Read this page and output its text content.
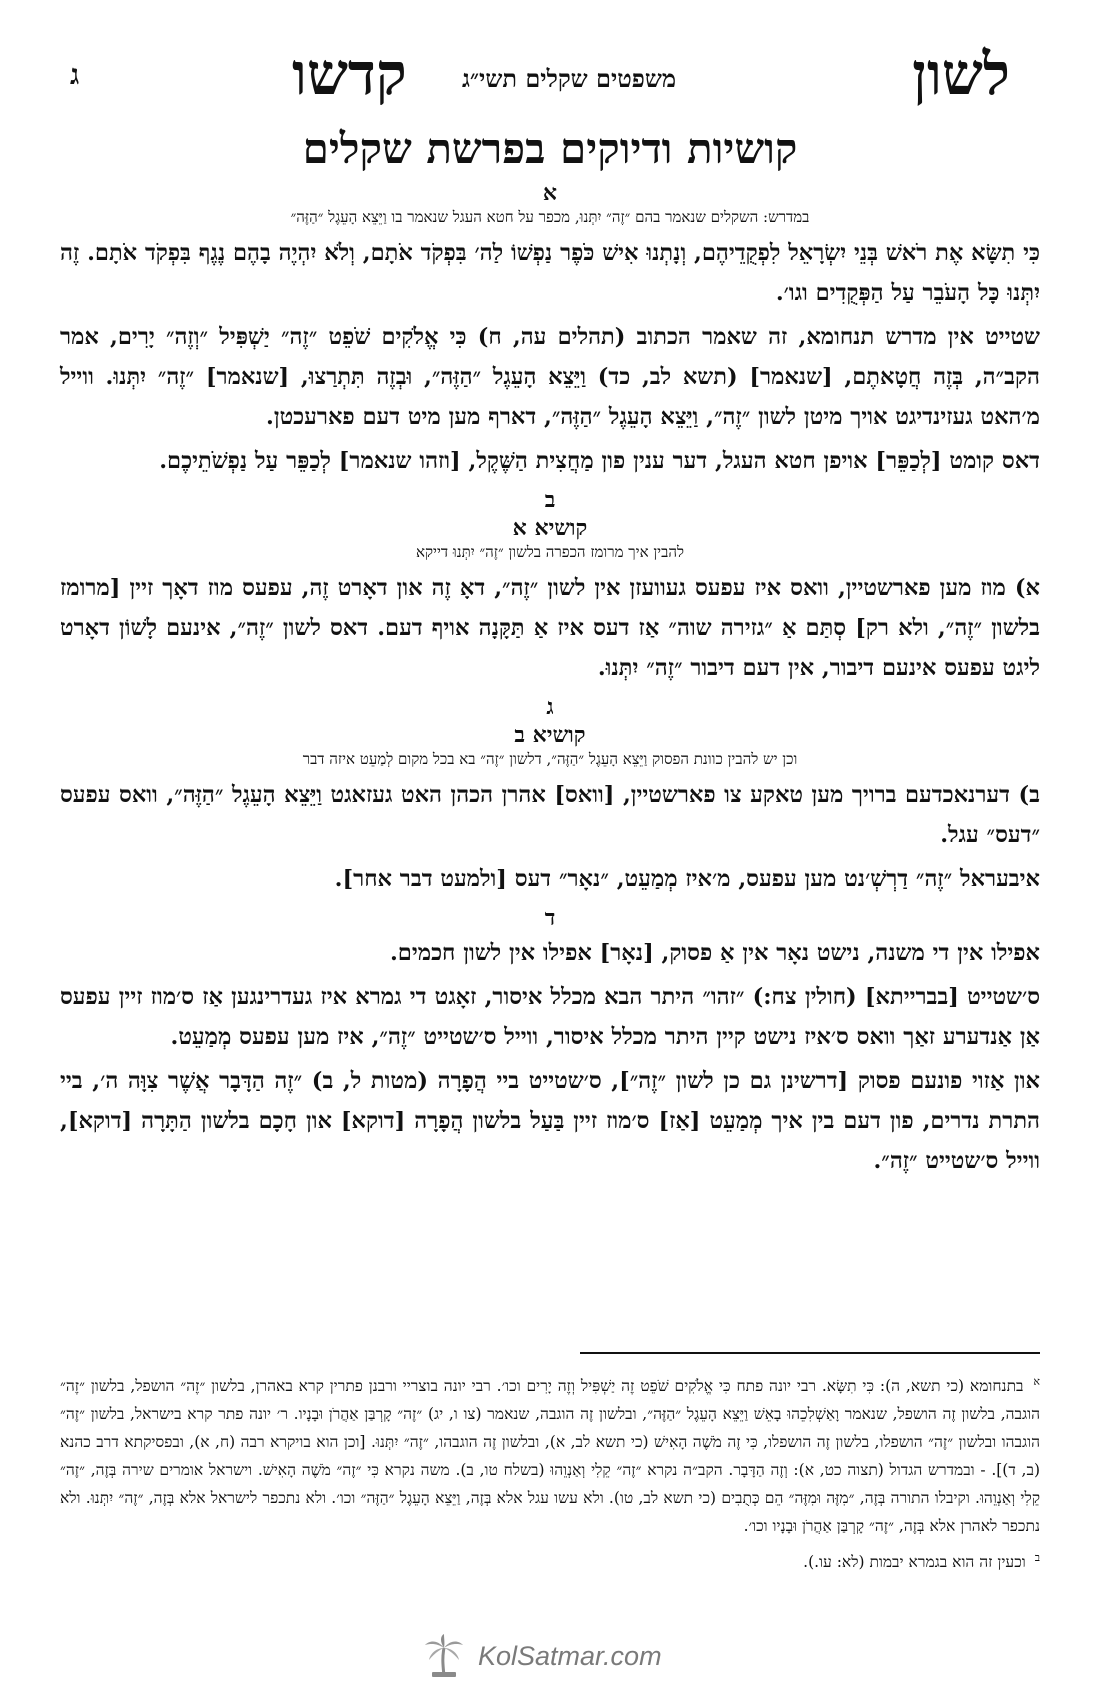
לשון
קדשו משפטים שקלים תשי״ג
ג
קושיות ודיוקים בפרשת שקלים
א
במדרש: השקלים שנאמר בהם ״זֶה״ יִתְּנוּ, מכפר על חטא העגל שנאמר בו וַיֵּצֵא הָעֵגֶל ״הַזֶּה״

כִּי תִשָּׂא אֶת רֹאשׁ בְּנֵי יִשְׂרָאֵל לִפְקֻדֵיהֶם, וְנָתְנוּ אִישׁ כֹּפֶר נַפְשׁוֹ לַה׳ בִּפְקֹד אֹתָם, וְלֹא יִהְיֶה בָהֶם נֶגֶף בִּפְקֹד אֹתָם. זֶה יִתְּנוּ כָּל הָעֹבֵר עַל הַפְּקֻדִים וגו׳.

שטייט אין מדרש תנחומא, זה שאמר הכתוב (תהלים עה, ח) כִּי אֱלֹקִים שֹׁפֵט ״זֶה״ יַשְׁפִּיל ״וְזֶה״ יָרִים, אמר הקב״ה, בְּזֶה חֲטָאתֶם, [שנאמר] (תשא לב, כד) וַיֵּצֵא הָעֵגֶל ״הַזֶּה״, וּבְזֶה תִּתְרַצוּ, [שנאמר] ״זֶה״ יִתְּנוּ. ווייל מ׳האט געזינדיגט אויך מיטן לשון ״זֶה״, וַיֵּצֵא הָעֵגֶל ״הַזֶּה״, דארף מען מיט דעם פארעכטן.

דאס קומט [לְכַפֵּר] אויפן חטא העגל, דער ענין פון מַחֲצִית הַשֶּׁקֶל, [וזהו שנאמר] לְכַפֵּר עַל נַפְשֹׁתֵיכֶם.

ב
קושיא א
להבין איך מרומז הכפרה בלשון ״זֶה״ יִתְּנוּ דייקא

א) מוז מען פארשטיין, וואס איז עפעס געוועזן אין לשון ״זֶה״, דאָ זֶה און דאָרט זֶה, עפעס מוז דאָך זיין [מרומז בלשון ״זֶה״, ולא רק] סְתַּם אַ ״גזירה שוה״ אַז דעס איז אַ תַּקָּנָה אויף דעם. דאס לשון ״זֶה״, אינעם לָשׁוֹן דאָרט ליגט עפעס אינעם דיבור, אין דעם דיבור ״זֶה״ יִתְּנוּ.

ג
קושיא ב
וכן יש להבין כוונת הפסוק וַיֵּצֵא הָעֵגֶל ״הַזֶּה״, דלשון ״זֶה״ בא בכל מקום לְמַעֵט איזה דבר

ב) דערנאכדעם ברויך מען טאקע צו פארשטיין, [וואס] אהרן הכהן האט געזאגט וַיֵּצֵא הָעֵגֶל ״הַזֶּה״, וואס עפעס ״דעס״ עגל.

איבעראל ״זֶה״ דַרְשְׁ׳נט מען עפעס, מ׳איז מְמַעֵט, ״נאָר״ דעס [ולמעט דבר אחר].

ד

אפילו אין די משנה, נישט נאָר אין אַ פסוק, [נאָר] אפילו אין לשון חכמים.

ס׳שטייט [בברייתא] (חולין צח:) ״זהו״ היתר הבא מכלל איסור, זאָגט די גמרא איז געדרינגען אַז ס׳מוז זיין עפעס אַן אַנדערע זאַך וואס ס׳איז נישט קיין היתר מכלל איסור, ווייל ס׳שטייט ״זֶה״, איז מען עפעס מְמַעֵט.

און אַזוי פונעם פסוק [דרשינן גם כן לשון ״זֶה״], ס׳שטייט ביי הֲפָרָה (מטות ל, ב) ״זֶה הַדָּבָר אֲשֶׁר צִוָּה ה׳, ביי התרת נדרים, פון דעם בין איך מְמַעֵט [אַז] ס׳מוז זיין בַּעַל בלשון הֲפָרָה [דוקא] און חָכָם בלשון הַתָּרָה [דוקא], ווייל ס׳שטייט ״זֶה״.

$^א$ בתנחומא (כי תשא, ה): כִּי תִשָּׂא. רבי יונה פתח כִּי אֱלֹקִים שֹׁפֵט זֶה יַשְׁפִּיל וְזֶה יָרִים וכו׳. רבי יונה בוצריי ורבנן פתרין קרא באהרן, בלשון ״זֶה״ הושפל, בלשון ״זֶה״ הוגבה, בלשון זֶה הושפל, שנאמר וָאַשְׁלִכֵהוּ בָאֵשׁ וַיֵּצֵא הָעֵגֶל ״הַזֶּה״, ובלשון זֶה הוגבה, שנאמר (צו ו, יג) ״זֶה״ קָרְבַּן אַהֲרֹן וּבָנָיו. ר׳ יונה פתר קרא בישראל, בלשון ״זֶה״ הוגבהו ובלשון ״זֶה״ הושפלו, בלשון זֶה הושפלו, כִּי זֶה מֹשֶׁה הָאִישׁ (כי תשא לב, א), ובלשון זֶה הוגבהו, ״זֶה״ יִתְּנוּ. [וכן הוא בויקרא רבה (ח, א), ובפסיקתא דרב כהנא (ב, ד)]. - ובמדרש הגדול (תצוה כט, א): וְזֶה הַדָּבָר. הקב״ה נקרא ״זֶה״ קֵלִי וְאַנְוֵהוּ (בשלח טו, ב). משה נקרא כִּי ״זֶה״ מֹשֶׁה הָאִישׁ. וישראל אומרים שירה בְּזֶה, ״זֶה״ קֵלִי וְאַנְוֵהוּ. וקיבלו התורה בְּזֶה, ״מִזֶּה וּמִזֶּה״ הֵם כְּתֻבִים (כי תשא לב, טו). ולא עשו עגל אלא בְּזֶה, וַיֵּצֵא הָעֵגֶל ״הַזֶּה״ וכו׳. ולא נתכפר לישראל אלא בְּזֶה, ״זֶה״ יִתְּנוּ. ולא נתכפר לאהרן אלא בְּזֶה, ״זֶה״ קָרְבַּן אַהֲרֹן וּבָנָיו וכו׳.

$^ב$ וכעין זה הוא בגמרא יבמות (לא: עו.).

KolSatmar.com
